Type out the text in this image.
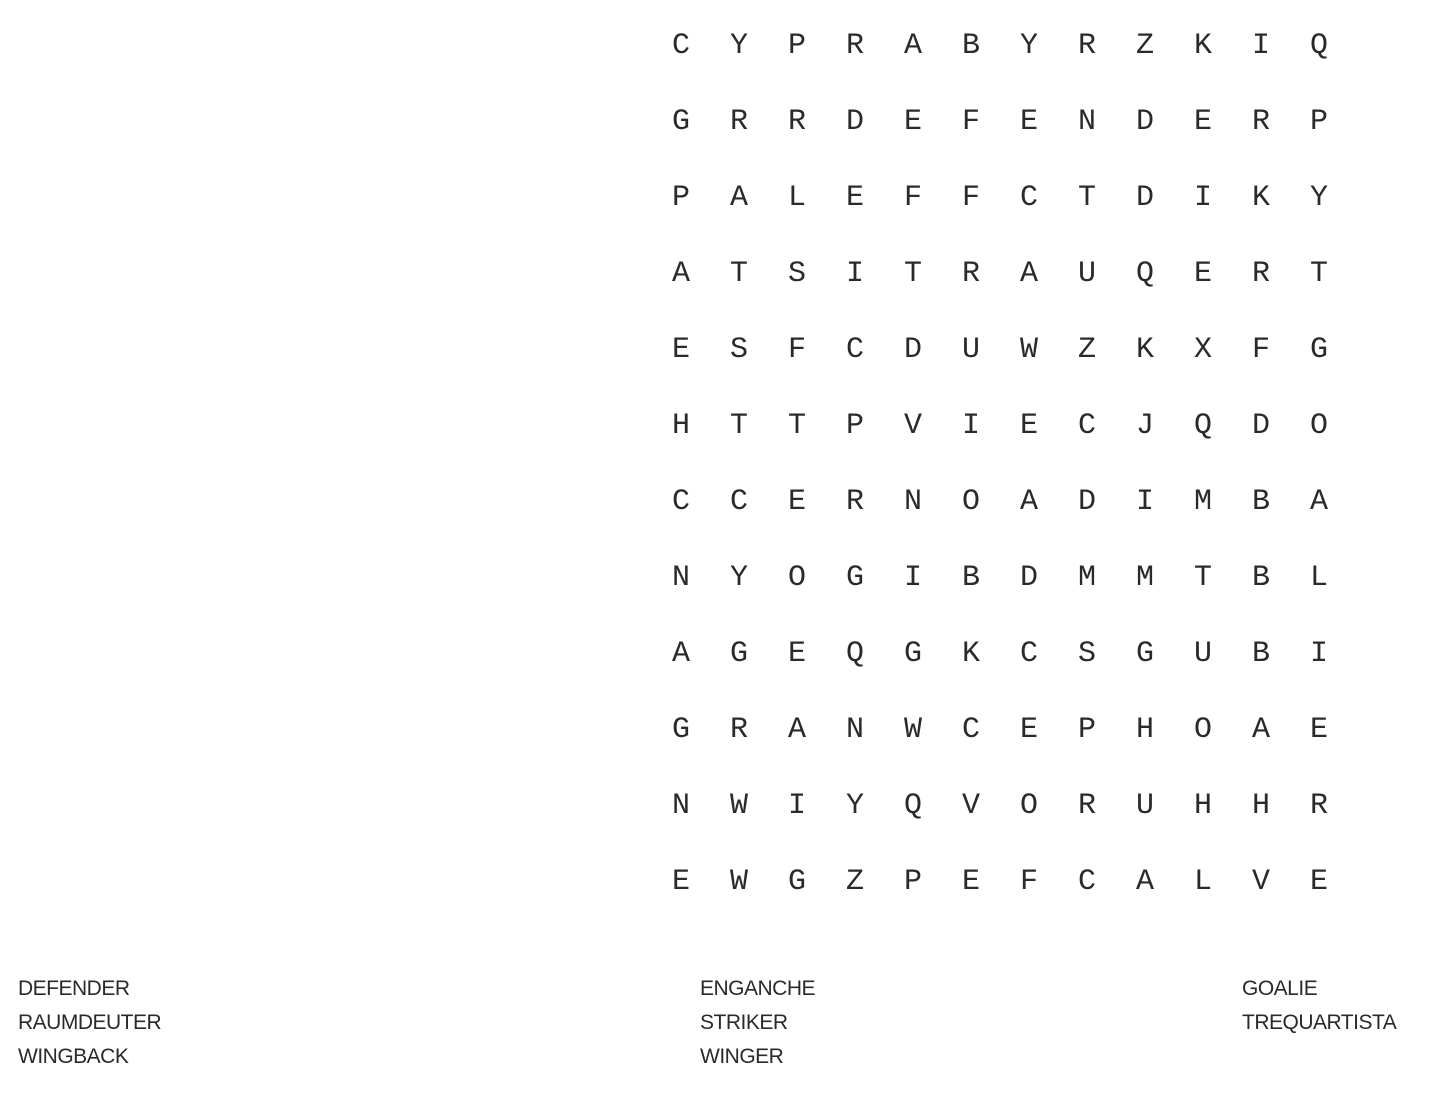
C	Y	P	R	A	B	Y	R	Z	K	I	Q
G	R	R	D	E	F	E	N	D	E	R	P
P	A	L	E	F	F	C	T	D	I	K	Y
A	T	S	I	T	R	A	U	Q	E	R	T
E	S	F	C	D	U	W	Z	K	X	F	G
H	T	T	P	V	I	E	C	J	Q	D	O
C	C	E	R	N	O	A	D	I	M	B	A
N	Y	O	G	I	B	D	M	M	T	B	L
A	G	E	Q	G	K	C	S	G	U	B	I
G	R	A	N	W	C	E	P	H	O	A	E
N	W	I	Y	Q	V	O	R	U	H	H	R
E	W	G	Z	P	E	F	C	A	L	V	E
DEFENDER
RAUMDEUTER
WINGBACK
ENGANCHE
STRIKER
WINGER
GOALIE
TREQUARTISTA
